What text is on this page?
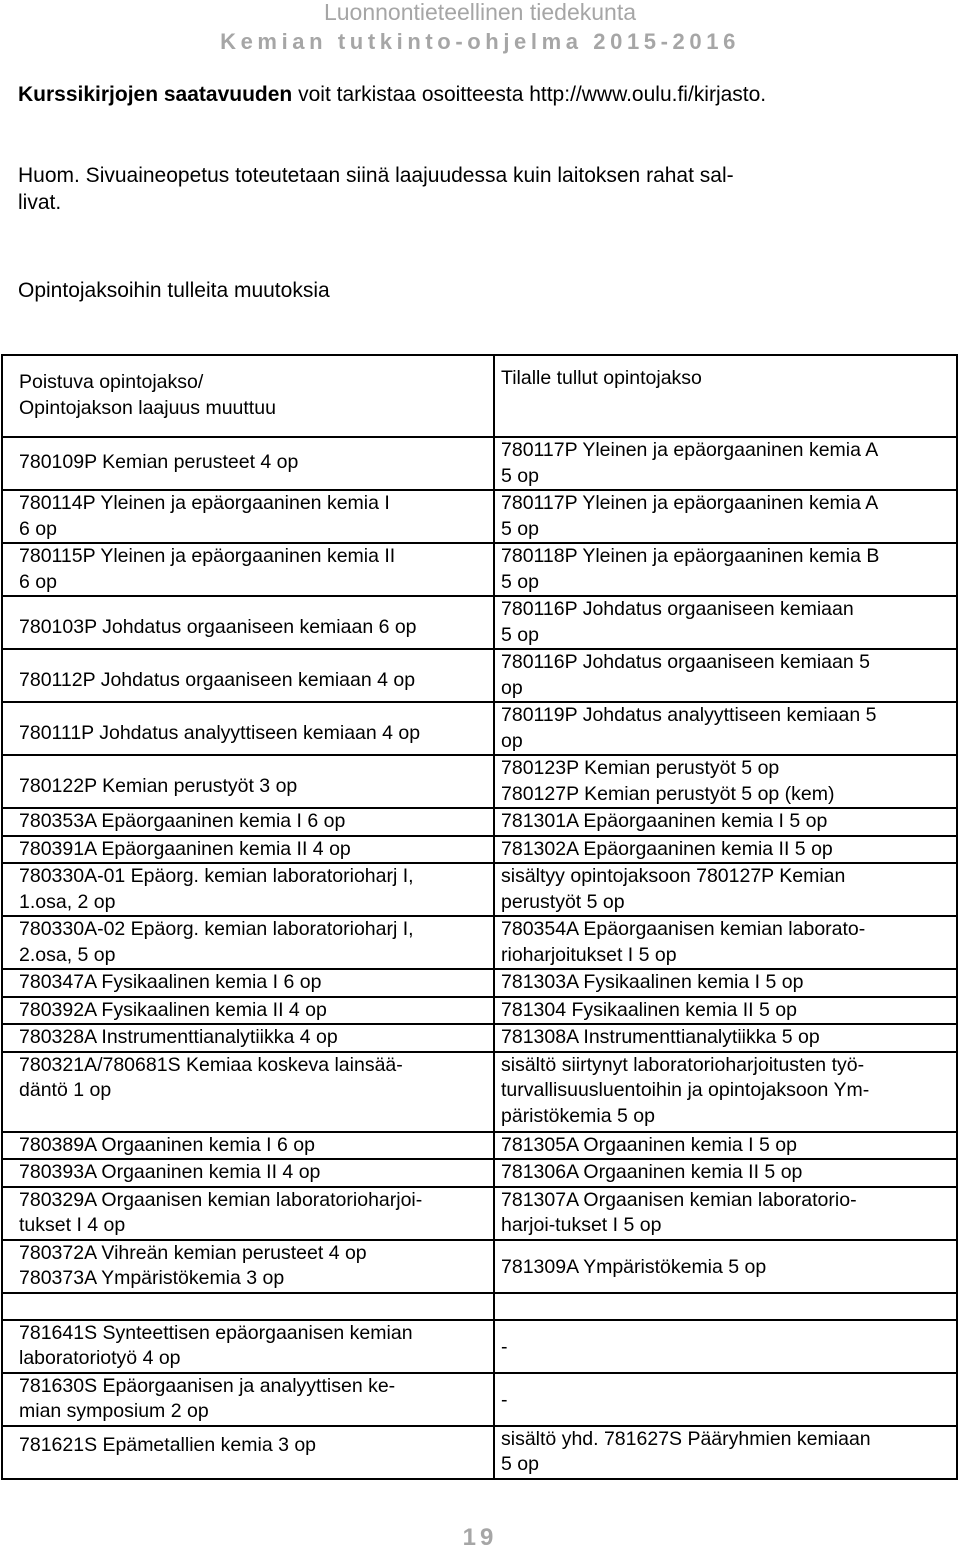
Luonnontieteellinen tiedekunta
Kemian tutkinto-ohjelma 2015-2016
Kurssikirjojen saatavuuden voit tarkistaa osoitteesta http://www.oulu.fi/kirjasto.
Huom. Sivuaineopetus toteutetaan siinä laajuudessa kuin laitoksen rahat sal-
livat.
Opintojaksoihin tulleita muutoksia
Poistuva opintojakso/
Opintojakson laajuus muuttuu	Tilalle tullut opintojakso

780109P Kemian perusteet 4 op	780117P Yleinen ja epäorgaaninen kemia A
5 op

780114P Yleinen ja epäorgaaninen kemia I
6 op	780117P Yleinen ja epäorgaaninen kemia A
5 op

780115P Yleinen ja epäorgaaninen kemia II
6 op	780118P Yleinen ja epäorgaaninen kemia B
5 op

780103P Johdatus orgaaniseen kemiaan 6 op	780116P Johdatus orgaaniseen kemiaan
5 op

780112P Johdatus orgaaniseen kemiaan 4 op	780116P Johdatus orgaaniseen kemiaan 5
op

780111P Johdatus analyyttiseen kemiaan 4 op	780119P Johdatus analyyttiseen kemiaan 5
op

780122P Kemian perustyöt 3 op	780123P Kemian perustyöt 5 op
780127P Kemian perustyöt 5 op (kem)

780353A Epäorgaaninen kemia I 6 op	781301A Epäorgaaninen kemia I 5 op

780391A Epäorgaaninen kemia II 4 op	781302A Epäorgaaninen kemia II 5 op

780330A-01 Epäorg. kemian laboratorioharj I,
1.osa, 2 op	sisältyy opintojaksoon 780127P Kemian
perustyöt 5 op

780330A-02 Epäorg. kemian laboratorioharj I,
2.osa, 5 op	780354A Epäorgaanisen kemian laborato-
rioharjoitukset I 5 op

780347A Fysikaalinen kemia I 6 op	781303A Fysikaalinen kemia I 5 op

780392A Fysikaalinen kemia II 4 op	781304 Fysikaalinen kemia II 5 op

780328A Instrumenttianalytiikka 4 op	781308A Instrumenttianalytiikka 5 op

780321A/780681S Kemiaa koskeva lainsää-
däntö 1 op	sisältö siirtynyt laboratorioharjoitusten työ-
turvallisuusluentoihin ja opintojaksoon Ym-
päristökemia 5 op

780389A Orgaaninen kemia I 6 op	781305A Orgaaninen kemia I 5 op

780393A Orgaaninen kemia II 4 op	781306A Orgaaninen kemia II 5 op

780329A Orgaanisen kemian laboratorioharjoi-
tukset I 4 op	781307A Orgaanisen kemian laboratorio-
harjoi-tukset I 5 op

780372A Vihreän kemian perusteet 4 op
780373A Ympäristökemia 3 op	781309A Ympäristökemia 5 op

781641S Synteettisen epäorgaanisen kemian
laboratoriotyö 4 op	-

781630S Epäorgaanisen ja analyyttisen ke-
mian symposium 2 op	-

781621S Epämetallien kemia 3 op	sisältö yhd. 781627S Pääryhmien kemiaan
5 op
19
